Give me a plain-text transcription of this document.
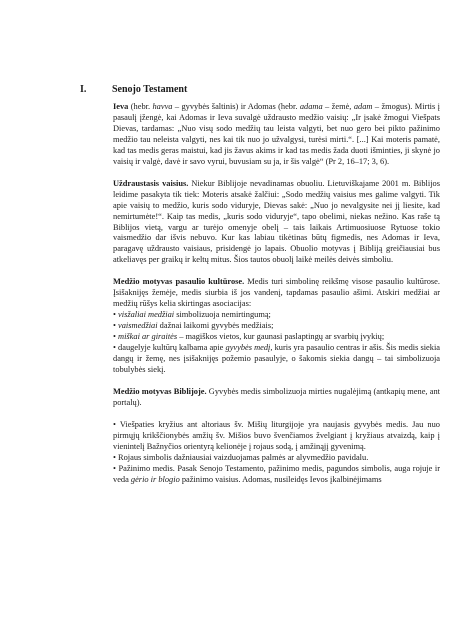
I.	Senojo Testament

Ieva (hebr. havva – gyvybės šaltinis) ir Adomas (hebr. adama – žemė, adam – žmogus). Mirtis į pasaulį įžengė, kai Adomas ir Ieva suvalgė uždrausto medžio vaisių: „Ir įsakė žmogui Viešpats Dievas, tardamas: „Nuo visų sodo medžių tau leista valgyti, bet nuo gero bei pikto pažinimo medžio tau neleista valgyti, nes kai tik nuo jo užvalgysi, turėsi mirti.“. [...] Kai moteris pamatė, kad tas medis geras maistui, kad jis žavus akims ir kad tas medis žada duoti išminties, ji skynė jo vaisių ir valgė, davė ir savo vyrui, buvusiam su ja, ir šis valgė“ (Pr 2, 16–17; 3, 6).

Uždraustasis vaisius. Niekur Biblijoje nevadinamas obuoliu. Lietuviškajame 2001 m. Biblijos leidime pasakyta tik tiek: Moteris atsakė žalčiui: „Sodo medžių vaisius mes galime valgyti. Tik apie vaisių to medžio, kuris sodo viduryje, Dievas sakė: „Nuo jo nevalgysite nei jį liesite, kad nemirtumėte!“. Kaip tas medis, „kuris sodo viduryje“, tapo obelimi, niekas nežino. Kas raše tą Biblijos vietą, vargu ar turėjo omenyje obelį – tais laikais Artimuosiuose Rytuose tokio vaismedžio dar išvis nebuvo. Kur kas labiau tikėtinas būtų figmedis, nes Adomas ir Ieva, paragavę uždrausto vaisiaus, prisidengė jo lapais. Obuolio motyvas į Bibliją greičiausiai bus atkeliavęs per graikų ir keltų mitus. Šios tautos obuolį laikė meilės deivės simboliu.

Medžio motyvas pasaulio kultūrose. Medis turi simbolinę reikšmę visose pasaulio kultūrose. Įsišaknijęs žemėje, medis siurbia iš jos vandenį, tapdamas pasaulio ašimi. Atskiri medžiai ar medžių rūšys kelia skirtingas asociacijas:

• visžaliai medžiai simbolizuoja nemirtingumą;
• vaismedžiai dažnai laikomi gyvybės medžiais;
• miškai ar giraitės – magiškos vietos, kur gaunasi paslaptingų ar svarbių įvykių;
• daugelyje kultūrų kalbama apie gyvybės medį, kuris yra pasaulio centras ir ašis. Šis medis siekia dangų ir žemę, nes įsišaknijęs požemio pasaulyje, o šakomis siekia dangų – tai simbolizuoja tobulybės siekį.

Medžio motyvas Biblijoje. Gyvybės medis simbolizuoja mirties nugalėjimą (antkapių mene, ant portalų).

• Viešpaties kryžius ant altoriaus šv. Mišių liturgijoje yra naujasis gyvybės medis. Jau nuo pirmųjų krikščionybės amžių šv. Mišios buvo švenčiamos žvelgiant į kryžiaus atvaizdą, kaip į vienintelį Bažnyčios orientyrą kelionėje į rojaus sodą, į amžinąjį gyvenimą.
• Rojaus simbolis dažniausiai vaizduojamas palmės ar alyvmedžio pavidalu.
• Pažinimo medis. Pasak Senojo Testamento, pažinimo medis, pagundos simbolis, auga rojuje ir veda gėrio ir blogio pažinimo vaisius. Adomas, nusileidęs Ievos įkalbinėjimams
